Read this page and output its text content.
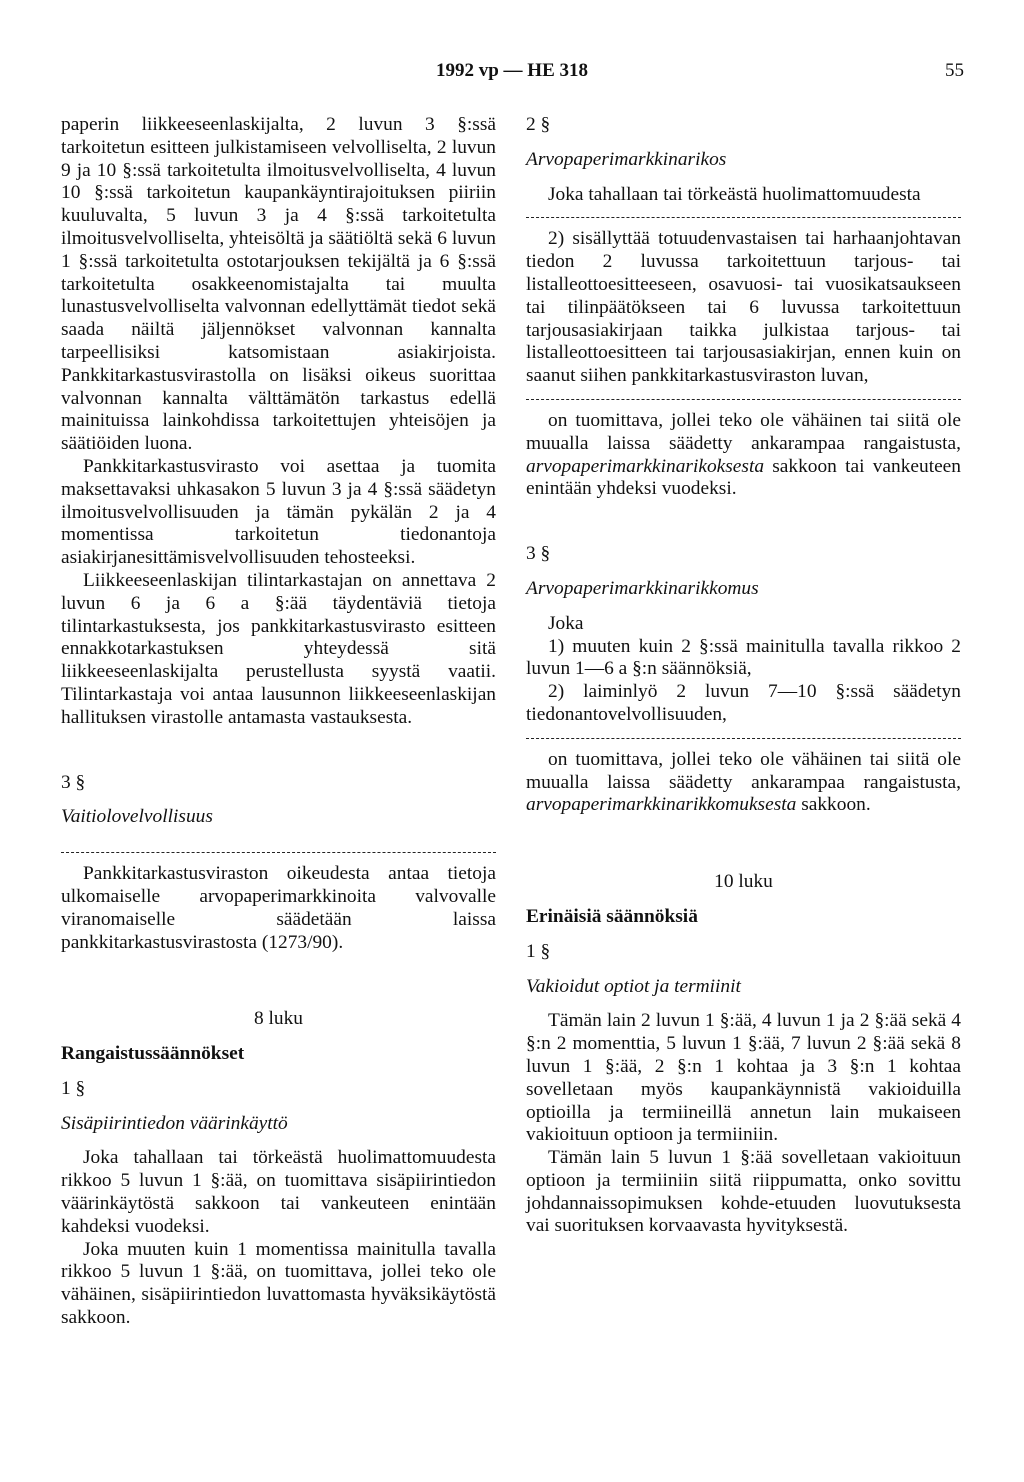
1992 vp — HE 318	55

paperin liikkeeseenlaskijalta, 2 luvun 3 §:ssä tarkoitetun esitteen julkistamiseen velvolliselta, 2 luvun 9 ja 10 §:ssä tarkoitetulta ilmoitusvelvolliselta, 4 luvun 10 §:ssä tarkoitetun kaupankäyntirajoituksen piiriin kuuluvalta, 5 luvun 3 ja 4 §:ssä tarkoitetulta ilmoitusvelvolliselta, yhteisöltä ja säätiöltä sekä 6 luvun 1 §:ssä tarkoitetulta ostotarjouksen tekijältä ja 6 §:ssä tarkoitetulta osakkeenomistajalta tai muulta lunastusvelvolliselta valvonnan edellyttämät tiedot sekä saada näiltä jäljennökset valvonnan kannalta tarpeellisiksi katsomistaan asiakirjoista. Pankkitarkastusvirastolla on lisäksi oikeus suorittaa valvonnan kannalta välttämätön tarkastus edellä mainituissa lainkohdissa tarkoitettujen yhteisöjen ja säätiöiden luona.

Pankkitarkastusvirasto voi asettaa ja tuomita maksettavaksi uhkasakon 5 luvun 3 ja 4 §:ssä säädetyn ilmoitusvelvollisuuden ja tämän pykälän 2 ja 4 momentissa tarkoitetun tiedonantoja asiakirjanesittämisvelvollisuuden tehosteeksi.

Liikkeeseenlaskijan tilintarkastajan on annettava 2 luvun 6 ja 6 a §:ää täydentäviä tietoja tilintarkastuksesta, jos pankkitarkastusvirasto esitteen ennakkotarkastuksen yhteydessä sitä liikkeeseenlaskijalta perustellusta syystä vaatii. Tilintarkastaja voi antaa lausunnon liikkeeseenlaskijan hallituksen virastolle antamasta vastauksesta.

3 §

Vaitiolovelvollisuus

Pankkitarkastusviraston oikeudesta antaa tietoja ulkomaiselle arvopaperimarkkinoita valvovalle viranomaiselle säädetään laissa pankkitarkastusvirastosta (1273/90).

8 luku

Rangaistussäännökset

1 §

Sisäpiirintiedon väärinkäyttö

Joka tahallaan tai törkeästä huolimattomuudesta rikkoo 5 luvun 1 §:ää, on tuomittava sisäpiirintiedon väärinkäytöstä sakkoon tai vankeuteen enintään kahdeksi vuodeksi.

Joka muuten kuin 1 momentissa mainitulla tavalla rikkoo 5 luvun 1 §:ää, on tuomittava, jollei teko ole vähäinen, sisäpiirintiedon luvattomasta hyväksikäytöstä sakkoon.

2 §

Arvopaperimarkkinarikos

Joka tahallaan tai törkeästä huolimattomuudesta

2) sisällyttää totuudenvastaisen tai harhaanjohtavan tiedon 2 luvussa tarkoitettuun tarjous- tai listalleottoesitteeseen, osavuosi- tai vuosikatsaukseen tai tilinpäätökseen tai 6 luvussa tarkoitettuun tarjousasiakirjaan taikka julkistaa tarjous- tai listalleottoesitteen tai tarjousasiakirjan, ennen kuin on saanut siihen pankkitarkastusviraston luvan,

on tuomittava, jollei teko ole vähäinen tai siitä ole muualla laissa säädetty ankarampaa rangaistusta, arvopaperimarkkinarikoksesta sakkoon tai vankeuteen enintään yhdeksi vuodeksi.

3 §

Arvopaperimarkkinarikkomus

Joka

1) muuten kuin 2 §:ssä mainitulla tavalla rikkoo 2 luvun 1—6 a §:n säännöksiä,

2) laiminlyö 2 luvun 7—10 §:ssä säädetyn tiedonantovelvollisuuden,

on tuomittava, jollei teko ole vähäinen tai siitä ole muualla laissa säädetty ankarampaa rangaistusta, arvopaperimarkkinarikkomuksesta sakkoon.

10 luku

Erinäisiä säännöksiä

1 §

Vakioidut optiot ja termiinit

Tämän lain 2 luvun 1 §:ää, 4 luvun 1 ja 2 §:ää sekä 4 §:n 2 momenttia, 5 luvun 1 §:ää, 7 luvun 2 §:ää sekä 8 luvun 1 §:ää, 2 §:n 1 kohtaa ja 3 §:n 1 kohtaa sovelletaan myös kaupankäynnistä vakioiduilla optioilla ja termiineillä annetun lain mukaiseen vakioituun optioon ja termiiniin.

Tämän lain 5 luvun 1 §:ää sovelletaan vakioituun optioon ja termiiniin siitä riippumatta, onko sovittu johdannaissopimuksen kohde-etuuden luovutuksesta vai suorituksen korvaavasta hyvityksestä.
